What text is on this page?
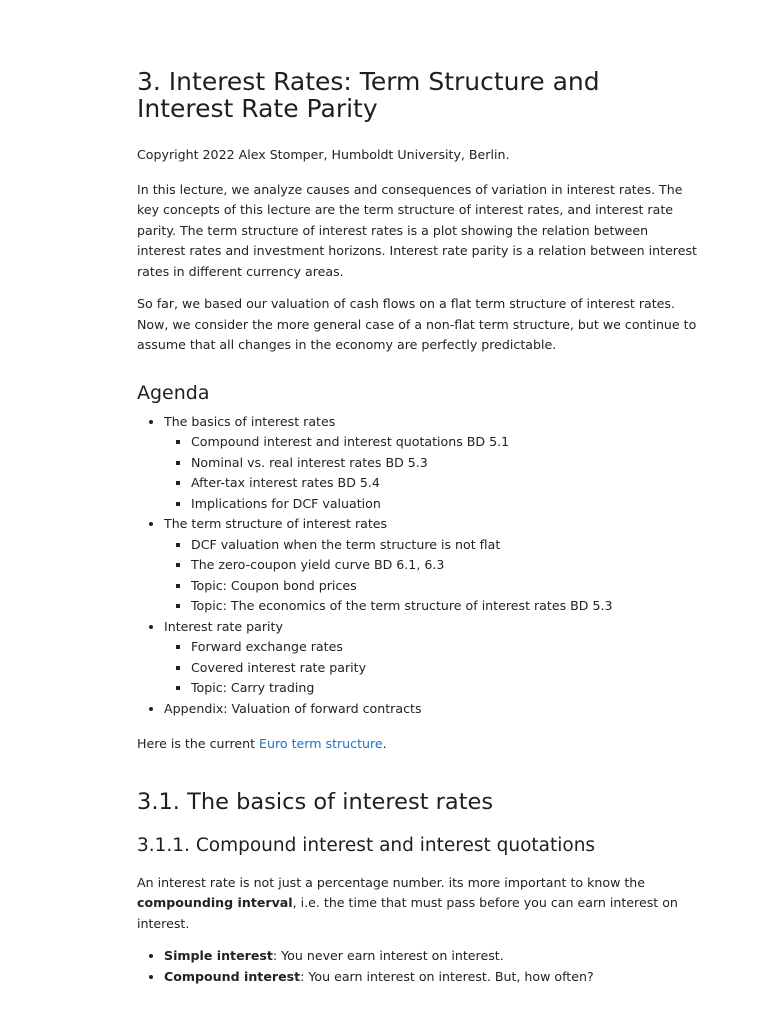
3. Interest Rates: Term Structure and Interest Rate Parity

Copyright 2022 Alex Stomper, Humboldt University, Berlin.

In this lecture, we analyze causes and consequences of variation in interest rates. The key concepts of this lecture are the term structure of interest rates, and interest rate parity. The term structure of interest rates is a plot showing the relation between interest rates and investment horizons. Interest rate parity is a relation between interest rates in different currency areas.

So far, we based our valuation of cash flows on a flat term structure of interest rates. Now, we consider the more general case of a non-flat term structure, but we continue to assume that all changes in the economy are perfectly predictable.

Agenda
• The basics of interest rates
▪ Compound interest and interest quotations BD 5.1
▪ Nominal vs. real interest rates BD 5.3
▪ After-tax interest rates BD 5.4
▪ Implications for DCF valuation
• The term structure of interest rates
▪ DCF valuation when the term structure is not flat
▪ The zero-coupon yield curve BD 6.1, 6.3
▪ Topic: Coupon bond prices
▪ Topic: The economics of the term structure of interest rates BD 5.3
• Interest rate parity
▪ Forward exchange rates
▪ Covered interest rate parity
▪ Topic: Carry trading
• Appendix: Valuation of forward contracts

Here is the current Euro term structure.

3.1. The basics of interest rates
3.1.1. Compound interest and interest quotations

An interest rate is not just a percentage number. its more important to know the compounding interval, i.e. the time that must pass before you can earn interest on interest.

• Simple interest: You never earn interest on interest.
• Compound interest: You earn interest on interest. But, how often?
